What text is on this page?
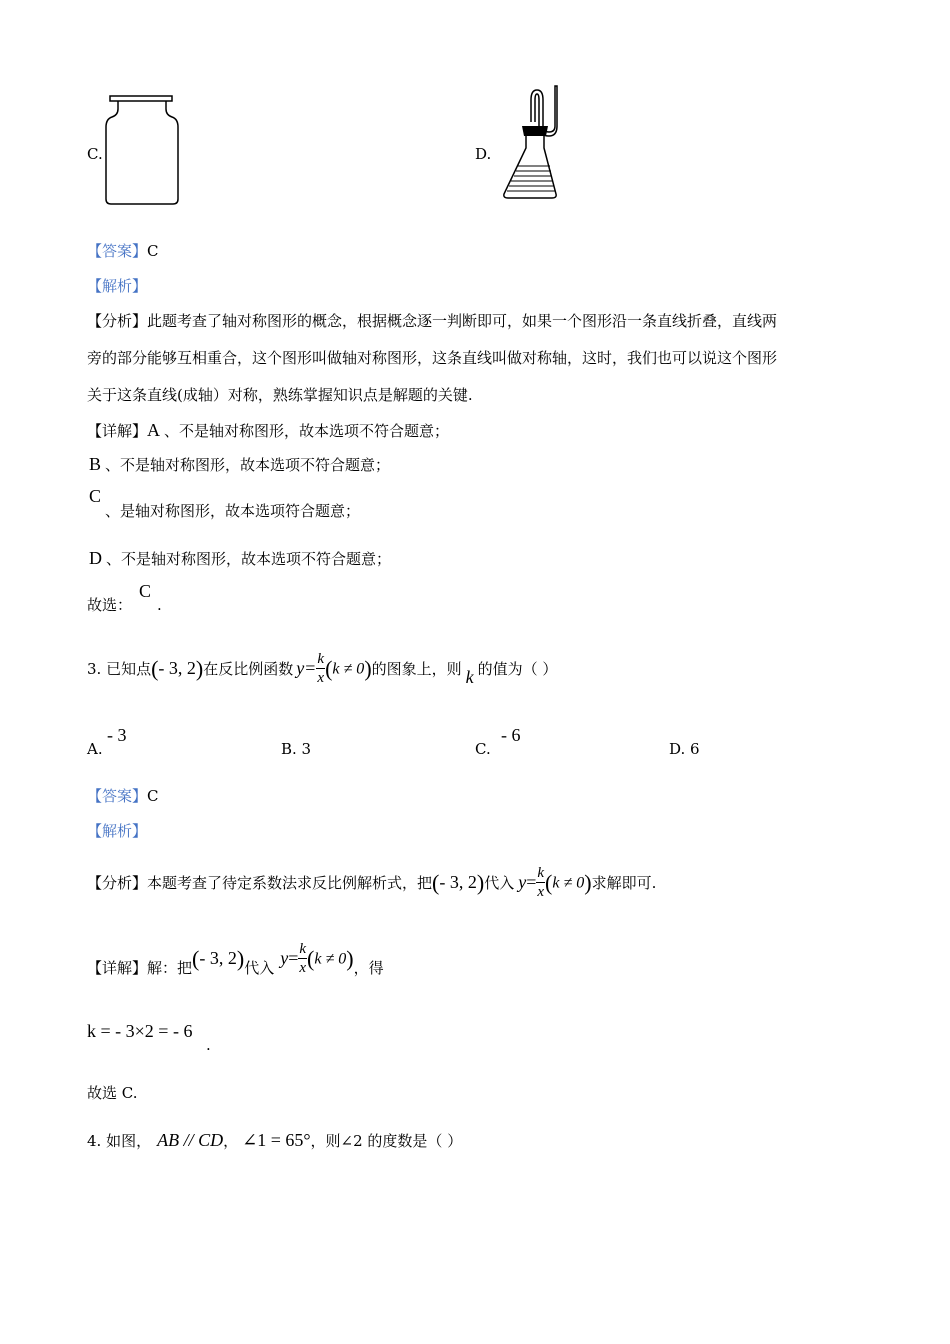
C.	D.
【答案】C
【解析】
【分析】此题考查了轴对称图形的概念，根据概念逐一判断即可，如果一个图形沿一条直线折叠，直线两
旁的部分能够互相重合，这个图形叫做轴对称图形，这条直线叫做对称轴，这时，我们也可以说这个图形
关于这条直线(成轴）对称，熟练掌握知识点是解题的关键.
【详解】A 、不是轴对称图形，故本选项不符合题意；
B 、不是轴对称图形，故本选项不符合题意；
C
、是轴对称图形，故本选项符合题意；
D 、不是轴对称图形，故本选项不符合题意；
故选：
C
.
3. 已知点(- 3, 2)在反比例函数 $y= \frac{k}{x} (k \ne 0)$的图象上，则 k 的值为（ ）
A.
- 3
B. 3	C.
- 6
D. 6
【答案】C
【解析】
【分析】本题考查了待定系数法求反比例解析式，把(- 3, 2)代入 $y= \frac{k}{x} (k \ne 0)$求解即可.
【详解】解：把(- 3, 2)代入 $y= \frac{k}{x} (k \ne 0)$，得
k = - 3×2 = - 6
.
故选 C.
4. 如图， AB // CD， ∠1 = 65°，则∠2 的度数是（ ）
